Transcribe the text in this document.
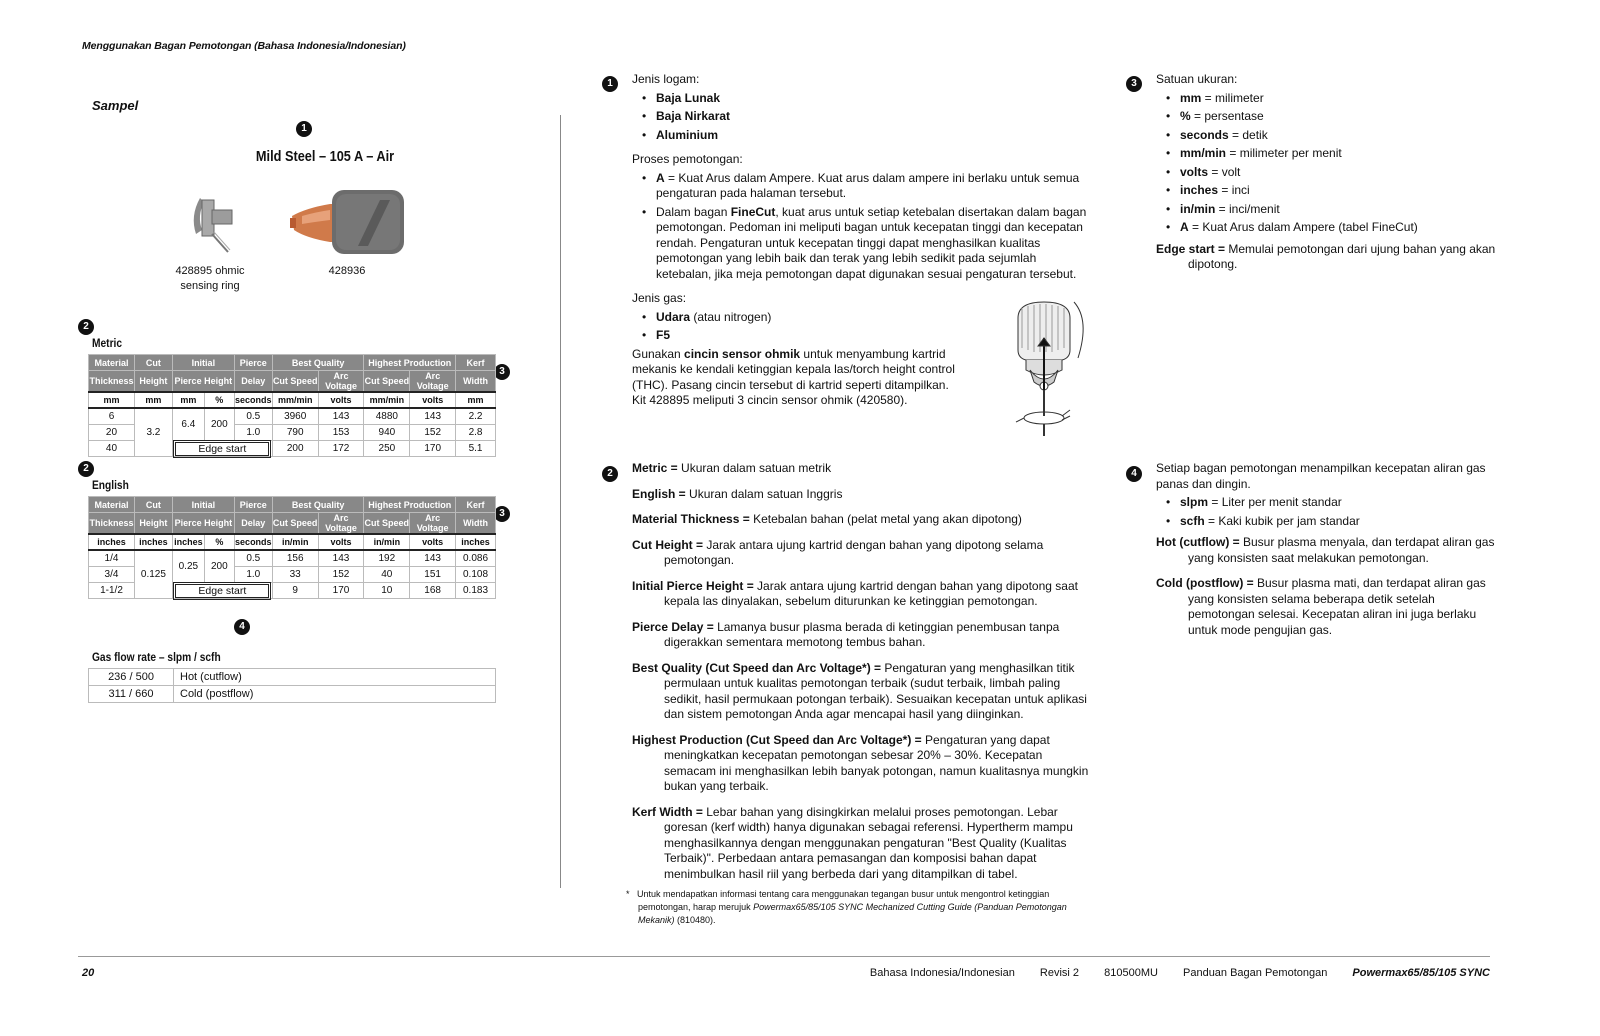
Menggunakan Bagan Pemotongan (Bahasa Indonesia/Indonesian)
Sampel
1
Mild Steel – 105 A – Air
428895 ohmic
sensing ring
428936
2
Metric
3
Material	Cut	Initial		Pierce	Best Quality		Highest Production		Kerf
Thickness	Height	Pierce Height		Delay	Cut Speed	Arc Voltage	Cut Speed	Arc Voltage	Width
mm	mm	mm	%	seconds	mm/min	volts	mm/min	volts	mm
6	3.2	6.4	200	0.5	3960	143	4880	143	2.2
20				1.0	790	153	940	152	2.8
40		Edge start			200	172	250	170	5.1
2
English
3
Material	Cut	Initial		Pierce	Best Quality		Highest Production		Kerf
Thickness	Height	Pierce Height		Delay	Cut Speed	Arc Voltage	Cut Speed	Arc Voltage	Width
inches	inches	inches	%	seconds	in/min	volts	in/min	volts	inches
1/4	0.125	0.25	200	0.5	156	143	192	143	0.086
3/4				1.0	33	152	40	151	0.108
1-1/2		Edge start			9	170	10	168	0.183
4
Gas flow rate – slpm / scfh
236 / 500	Hot (cutflow)
311 / 660	Cold (postflow)
1	Jenis logam:

• Baja Lunak
• Baja Nirkarat
• Aluminium

Proses pemotongan:

• A = Kuat Arus dalam Ampere. Kuat arus dalam ampere ini berlaku untuk semua pengaturan pada halaman tersebut.
• Dalam bagan FineCut, kuat arus untuk setiap ketebalan disertakan dalam bagan pemotongan. Pedoman ini meliputi bagan untuk kecepatan tinggi dan kecepatan rendah. Pengaturan untuk kecepatan tinggi dapat menghasilkan kualitas pemotongan yang lebih baik dan terak yang lebih sedikit pada sejumlah ketebalan, jika meja pemotongan dapat digunakan sesuai pengaturan tersebut.

Jenis gas:

• Udara (atau nitrogen)
• F5

Gunakan cincin sensor ohmik untuk menyambung kartrid mekanis ke kendali ketinggian kepala las/torch height control (THC). Pasang cincin tersebut di kartrid seperti ditampilkan. Kit 428895 meliputi 3 cincin sensor ohmik (420580).

2	Metric = Ukuran dalam satuan metrik

English = Ukuran dalam satuan Inggris

Material Thickness = Ketebalan bahan (pelat metal yang akan dipotong)

Cut Height = Jarak antara ujung kartrid dengan bahan yang dipotong selama pemotongan.

Initial Pierce Height = Jarak antara ujung kartrid dengan bahan yang dipotong saat kepala las dinyalakan, sebelum diturunkan ke ketinggian pemotongan.

Pierce Delay = Lamanya busur plasma berada di ketinggian penembusan tanpa digerakkan sementara memotong tembus bahan.

Best Quality (Cut Speed dan Arc Voltage*) = Pengaturan yang menghasilkan titik permulaan untuk kualitas pemotongan terbaik (sudut terbaik, limbah paling sedikit, hasil permukaan potongan terbaik). Sesuaikan kecepatan untuk aplikasi dan sistem pemotongan Anda agar mencapai hasil yang diinginkan.

Highest Production (Cut Speed dan Arc Voltage*) = Pengaturan yang dapat meningkatkan kecepatan pemotongan sebesar 20% – 30%. Kecepatan semacam ini menghasilkan lebih banyak potongan, namun kualitasnya mungkin bukan yang terbaik.

Kerf Width = Lebar bahan yang disingkirkan melalui proses pemotongan. Lebar goresan (kerf width) hanya digunakan sebagai referensi. Hypertherm mampu menghasilkannya dengan menggunakan pengaturan "Best Quality (Kualitas Terbaik)". Perbedaan antara pemasangan dan komposisi bahan dapat menimbulkan hasil riil yang berbeda dari yang ditampilkan di tabel.

*   Untuk mendapatkan informasi tentang cara menggunakan tegangan busur untuk mengontrol ketinggian pemotongan, harap merujuk Powermax65/85/105 SYNC Mechanized Cutting Guide (Panduan Pemotongan Mekanik) (810480).
3	Satuan ukuran:

• mm = milimeter
• % = persentase
• seconds = detik
• mm/min = milimeter per menit
• volts = volt
• inches = inci
• in/min = inci/menit
• A = Kuat Arus dalam Ampere (tabel FineCut)

Edge start = Memulai pemotongan dari ujung bahan yang akan dipotong.

4	Setiap bagan pemotongan menampilkan kecepatan aliran gas panas dan dingin.

• slpm = Liter per menit standar
• scfh = Kaki kubik per jam standar

Hot (cutflow) = Busur plasma menyala, dan terdapat aliran gas yang konsisten saat melakukan pemotongan.

Cold (postflow) = Busur plasma mati, dan terdapat aliran gas yang konsisten selama beberapa detik setelah pemotongan selesai. Kecepatan aliran ini juga berlaku untuk mode pengujian gas.

20	Bahasa Indonesia/Indonesian Revisi 2 810500MU Panduan Bagan Pemotongan Powermax65/85/105 SYNC
